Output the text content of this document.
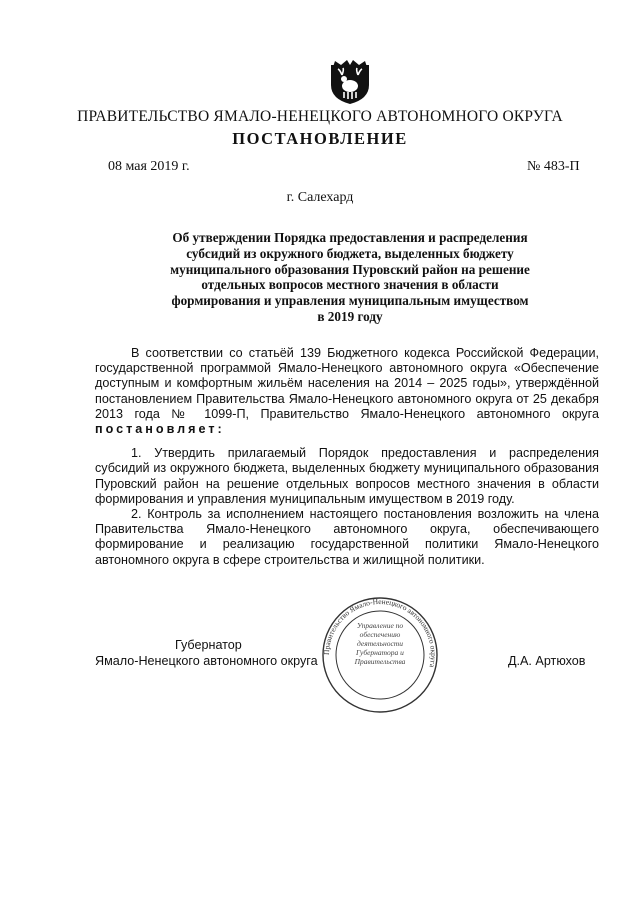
ПРАВИТЕЛЬСТВО ЯМАЛО-НЕНЕЦКОГО АВТОНОМНОГО ОКРУГА
ПОСТАНОВЛЕНИЕ
08 мая 2019 г.	№ 483-П
г. Салехард
Об утверждении Порядка предоставления и распределения
субсидий из окружного бюджета, выделенных бюджету
муниципального образования Пуровский район на решение
отдельных вопросов местного значения в области
формирования и управления муниципальным имуществом
в 2019 году

В соответствии со статьёй 139 Бюджетного кодекса Российской Федерации, государственной программой Ямало-Ненецкого автономного округа «Обеспечение доступным и комфортным жильём населения на 2014 – 2025 годы», утверждённой постановлением Правительства Ямало-Ненецкого автономного округа от 25 декабря 2013 года № 1099-П, Правительство Ямало-Ненецкого автономного округа постановляет:

1. Утвердить прилагаемый Порядок предоставления и распределения субсидий из окружного бюджета, выделенных бюджету муниципального образования Пуровский район на решение отдельных вопросов местного значения в области формирования и управления муниципальным имуществом в 2019 году.

2. Контроль за исполнением настоящего постановления возложить на члена Правительства Ямало-Ненецкого автономного округа, обеспечивающего формирование и реализацию государственной политики Ямало-Ненецкого автономного округа в сфере строительства и жилищной политики.

Губернатор
Ямало-Ненецкого автономного округа	Д.А. Артюхов
Правительство Ямало-Ненецкого автономного округа
Управление по обеспечению деятельности Губернатора и Правительства
